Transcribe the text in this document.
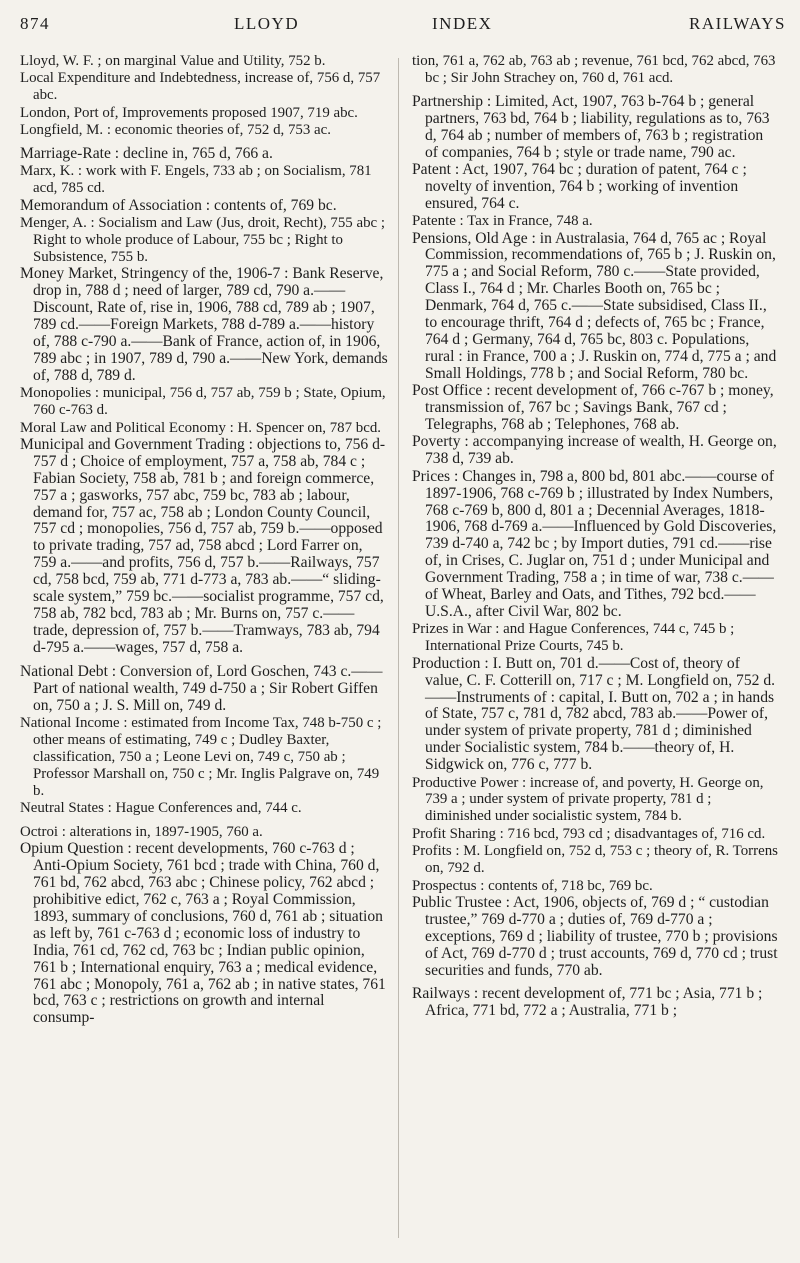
874	LLOYD	INDEX	RAILWAYS

Lloyd, W. F. ; on marginal Value and Utility, 752 b.

Local Expenditure and Indebtedness, increase of, 756 d, 757 abc.

London, Port of, Improvements proposed 1907, 719 abc.

Longfield, M. : economic theories of, 752 d, 753 ac.

Marriage-Rate : decline in, 765 d, 766 a.

Marx, K. : work with F. Engels, 733 ab ; on Socialism, 781 acd, 785 cd.

Memorandum of Association : contents of, 769 bc.

Menger, A. : Socialism and Law (Jus, droit, Recht), 755 abc ; Right to whole produce of Labour, 755 bc ; Right to Subsistence, 755 b.

Money Market, Stringency of the, 1906-7 : Bank Reserve, drop in, 788 d ; need of larger, 789 cd, 790 a.——Discount, Rate of, rise in, 1906, 788 cd, 789 ab ; 1907, 789 cd.——Foreign Markets, 788 d-789 a.——history of, 788 c-790 a.——Bank of France, action of, in 1906, 789 abc ; in 1907, 789 d, 790 a.——New York, demands of, 788 d, 789 d.

Monopolies : municipal, 756 d, 757 ab, 759 b ; State, Opium, 760 c-763 d.

Moral Law and Political Economy : H. Spencer on, 787 bcd.

Municipal and Government Trading : objections to, 756 d-757 d ; Choice of employment, 757 a, 758 ab, 784 c ; Fabian Society, 758 ab, 781 b ; and foreign commerce, 757 a ; gasworks, 757 abc, 759 bc, 783 ab ; labour, demand for, 757 ac, 758 ab ; London County Council, 757 cd ; monopolies, 756 d, 757 ab, 759 b.——opposed to private trading, 757 ad, 758 abcd ; Lord Farrer on, 759 a.——and profits, 756 d, 757 b.——Railways, 757 cd, 758 bcd, 759 ab, 771 d-773 a, 783 ab.——“ sliding-scale system,” 759 bc.——socialist programme, 757 cd, 758 ab, 782 bcd, 783 ab ; Mr. Burns on, 757 c.——trade, depression of, 757 b.——Tramways, 783 ab, 794 d-795 a.——wages, 757 d, 758 a.

National Debt : Conversion of, Lord Goschen, 743 c.——Part of national wealth, 749 d-750 a ; Sir Robert Giffen on, 750 a ; J. S. Mill on, 749 d.

National Income : estimated from Income Tax, 748 b-750 c ; other means of estimating, 749 c ; Dudley Baxter, classification, 750 a ; Leone Levi on, 749 c, 750 ab ; Professor Marshall on, 750 c ; Mr. Inglis Palgrave on, 749 b.

Neutral States : Hague Conferences and, 744 c.

Octroi : alterations in, 1897-1905, 760 a.

Opium Question : recent developments, 760 c-763 d ; Anti-Opium Society, 761 bcd ; trade with China, 760 d, 761 bd, 762 abcd, 763 abc ; Chinese policy, 762 abcd ; prohibitive edict, 762 c, 763 a ; Royal Commission, 1893, summary of conclusions, 760 d, 761 ab ; situation as left by, 761 c-763 d ; economic loss of industry to India, 761 cd, 762 cd, 763 bc ; Indian public opinion, 761 b ; International enquiry, 763 a ; medical evidence, 761 abc ; Monopoly, 761 a, 762 ab ; in native states, 761 bcd, 763 c ; restrictions on growth and internal consump-

tion, 761 a, 762 ab, 763 ab ; revenue, 761 bcd, 762 abcd, 763 bc ; Sir John Strachey on, 760 d, 761 acd.

Partnership : Limited, Act, 1907, 763 b-764 b ; general partners, 763 bd, 764 b ; liability, regulations as to, 763 d, 764 ab ; number of members of, 763 b ; registration of companies, 764 b ; style or trade name, 790 ac.

Patent : Act, 1907, 764 bc ; duration of patent, 764 c ; novelty of invention, 764 b ; working of invention ensured, 764 c.

Patente : Tax in France, 748 a.

Pensions, Old Age : in Australasia, 764 d, 765 ac ; Royal Commission, recommendations of, 765 b ; J. Ruskin on, 775 a ; and Social Reform, 780 c.——State provided, Class I., 764 d ; Mr. Charles Booth on, 765 bc ; Denmark, 764 d, 765 c.——State subsidised, Class II., to encourage thrift, 764 d ; defects of, 765 bc ; France, 764 d ; Germany, 764 d, 765 bc, 803 c. Populations, rural : in France, 700 a ; J. Ruskin on, 774 d, 775 a ; and Small Holdings, 778 b ; and Social Reform, 780 bc.

Post Office : recent development of, 766 c-767 b ; money, transmission of, 767 bc ; Savings Bank, 767 cd ; Telegraphs, 768 ab ; Telephones, 768 ab.

Poverty : accompanying increase of wealth, H. George on, 738 d, 739 ab.

Prices : Changes in, 798 a, 800 bd, 801 abc.——course of 1897-1906, 768 c-769 b ; illustrated by Index Numbers, 768 c-769 b, 800 d, 801 a ; Decennial Averages, 1818-1906, 768 d-769 a.——Influenced by Gold Discoveries, 739 d-740 a, 742 bc ; by Import duties, 791 cd.——rise of, in Crises, C. Juglar on, 751 d ; under Municipal and Government Trading, 758 a ; in time of war, 738 c.——of Wheat, Barley and Oats, and Tithes, 792 bcd.——U.S.A., after Civil War, 802 bc.

Prizes in War : and Hague Conferences, 744 c, 745 b ; International Prize Courts, 745 b.

Production : I. Butt on, 701 d.——Cost of, theory of value, C. F. Cotterill on, 717 c ; M. Longfield on, 752 d.——Instruments of : capital, I. Butt on, 702 a ; in hands of State, 757 c, 781 d, 782 abcd, 783 ab.——Power of, under system of private property, 781 d ; diminished under Socialistic system, 784 b.——theory of, H. Sidgwick on, 776 c, 777 b.

Productive Power : increase of, and poverty, H. George on, 739 a ; under system of private property, 781 d ; diminished under socialistic system, 784 b.

Profit Sharing : 716 bcd, 793 cd ; disadvantages of, 716 cd.

Profits : M. Longfield on, 752 d, 753 c ; theory of, R. Torrens on, 792 d.

Prospectus : contents of, 718 bc, 769 bc.

Public Trustee : Act, 1906, objects of, 769 d ; “ custodian trustee,” 769 d-770 a ; duties of, 769 d-770 a ; exceptions, 769 d ; liability of trustee, 770 b ; provisions of Act, 769 d-770 d ; trust accounts, 769 d, 770 cd ; trust securities and funds, 770 ab.

Railways : recent development of, 771 bc ; Asia, 771 b ; Africa, 771 bd, 772 a ; Australia, 771 b ;
